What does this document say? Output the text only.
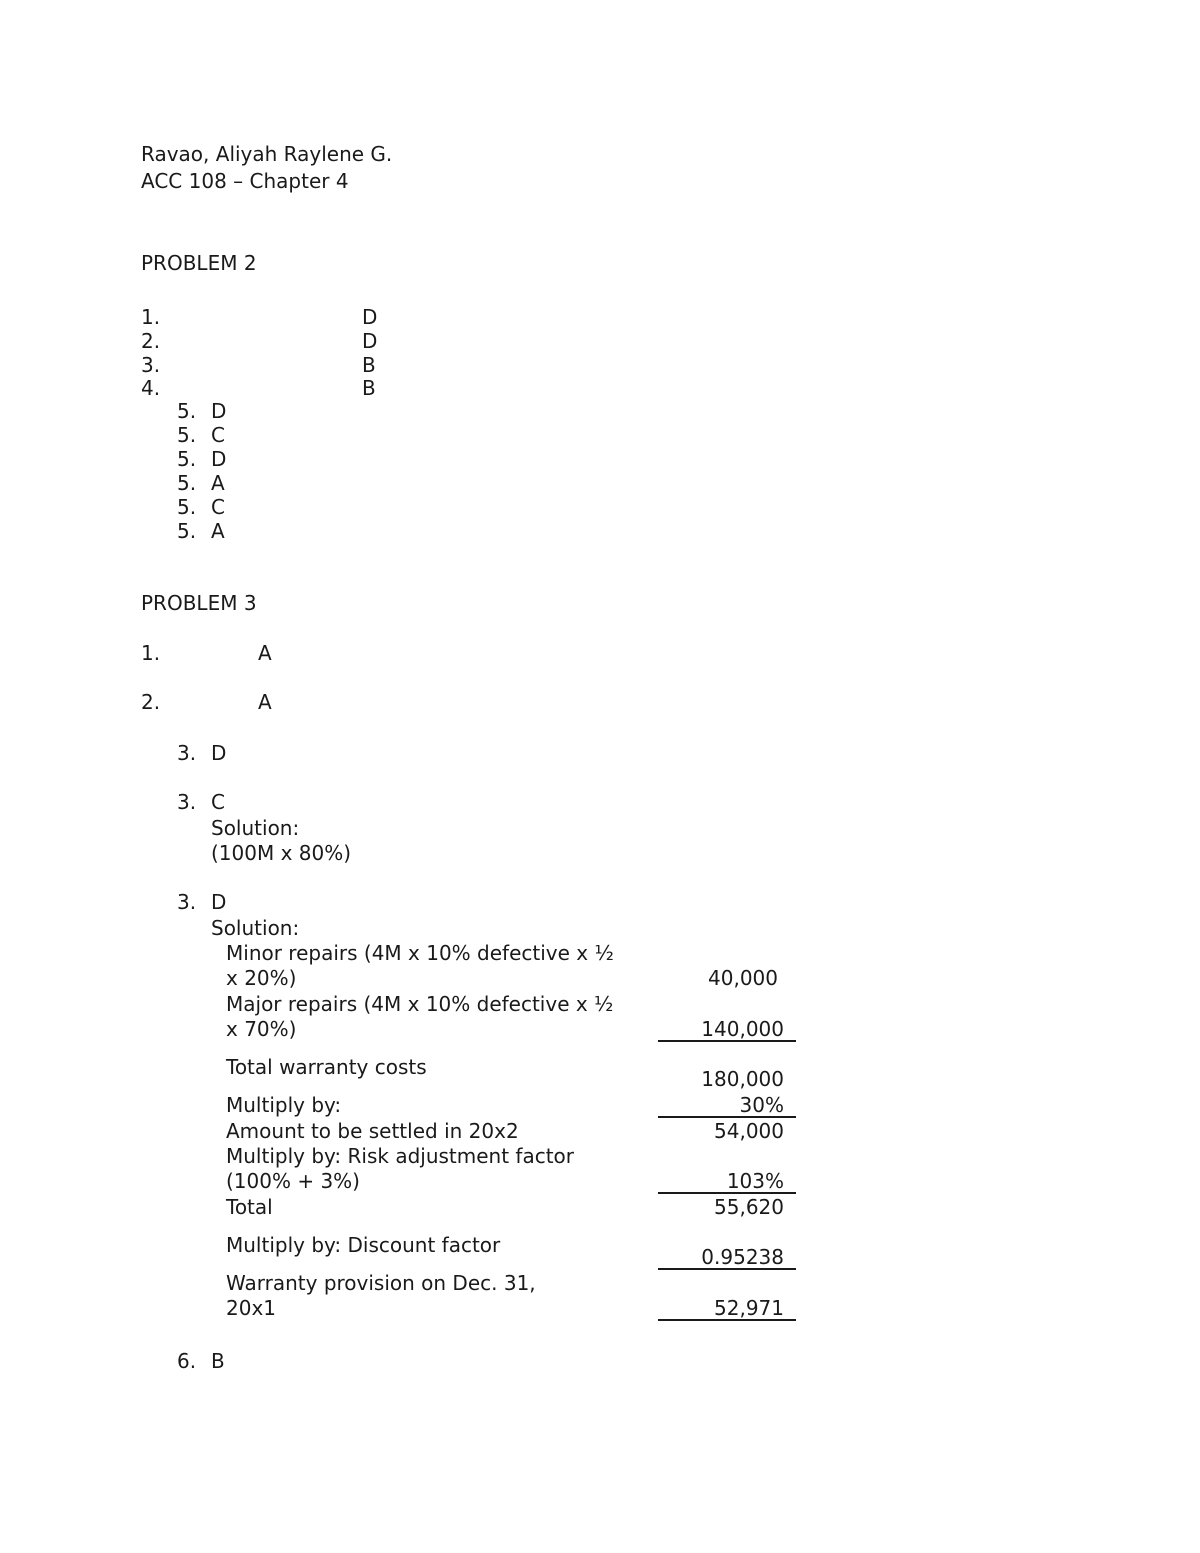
Ravao, Aliyah Raylene G.
ACC 108 – Chapter 4
PROBLEM 2
1.	D
2.	D
3.	B
4.	B
5. D
5. C
5. D
5. A
5. C
5. A
PROBLEM 3
1.	A
2.	A
3. D
3. C
Solution:
(100M x 80%)
3. D
Solution:
Minor repairs (4M x 10% defective x ½
x 20%)	40,000
Major repairs (4M x 10% defective x ½
x 70%)	140,000
Total warranty costs	180,000
Multiply by:	30%
Amount to be settled in 20x2	54,000
Multiply by: Risk adjustment factor
(100% + 3%)	103%
Total	55,620
Multiply by: Discount factor	0.95238
Warranty provision on Dec. 31,
20x1	52,971
6. B
